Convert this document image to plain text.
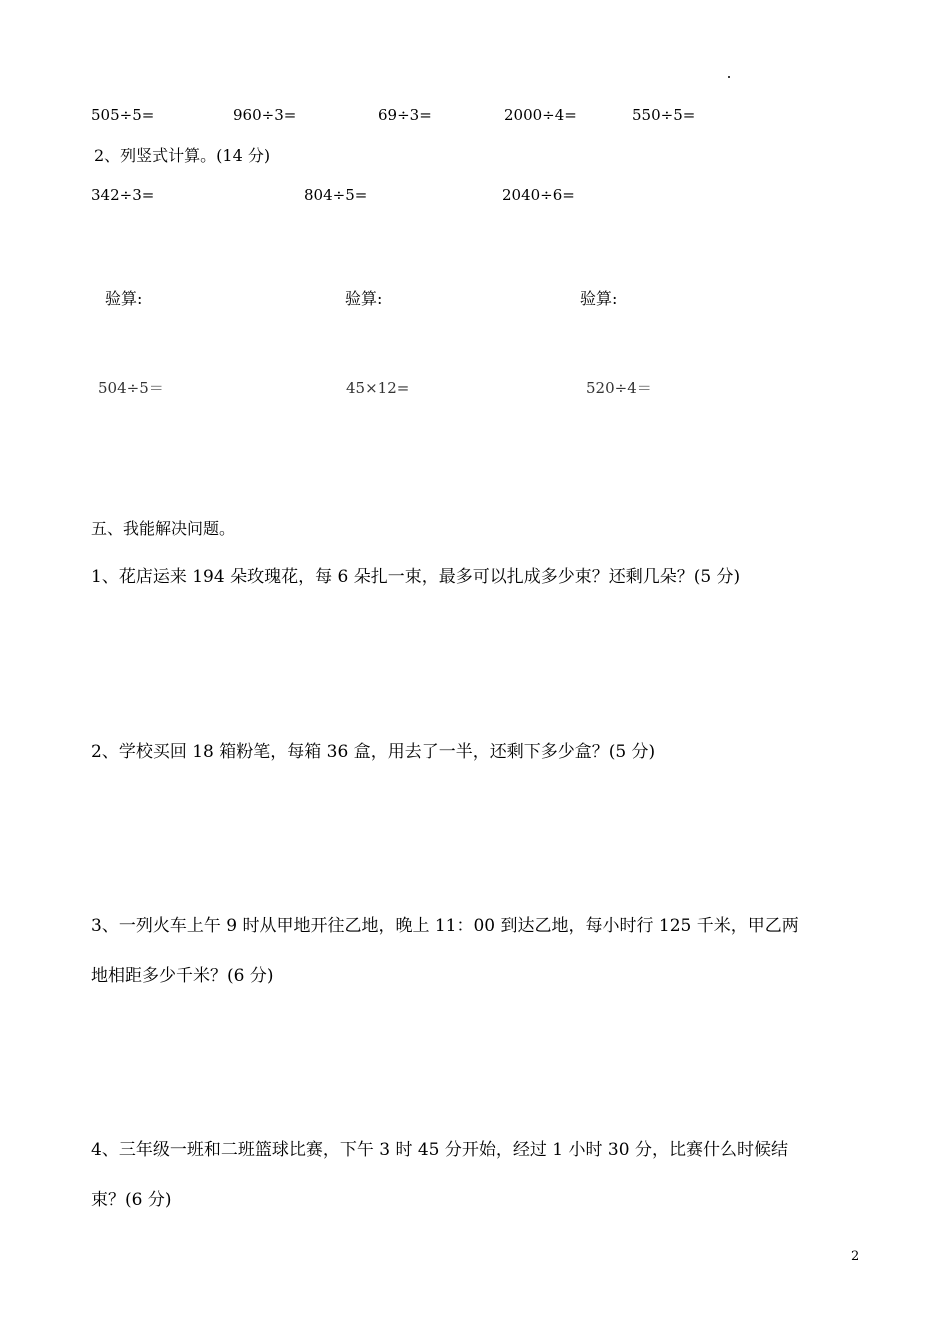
505÷5=	960÷3=	69÷3=	2000÷4=	550÷5=
2、列竖式计算。(14 分)
342÷3=	804÷5=	2040÷6=
验算:	验算:	验算:
504÷5＝	45×12=	520÷4＝
五、我能解决问题。
1、花店运来 194 朵玫瑰花，每 6 朵扎一束，最多可以扎成多少束？还剩几朵？(5 分)
2、学校买回 18 箱粉笔，每箱 36 盒，用去了一半，还剩下多少盒？(5 分)
3、一列火车上午 9 时从甲地开往乙地，晚上 11：00 到达乙地，每小时行 125 千米，甲乙两
地相距多少千米？(6 分)
4、三年级一班和二班篮球比赛，下午 3 时 45 分开始，经过 1 小时 30 分，比赛什么时候结
束？(6 分)
2
